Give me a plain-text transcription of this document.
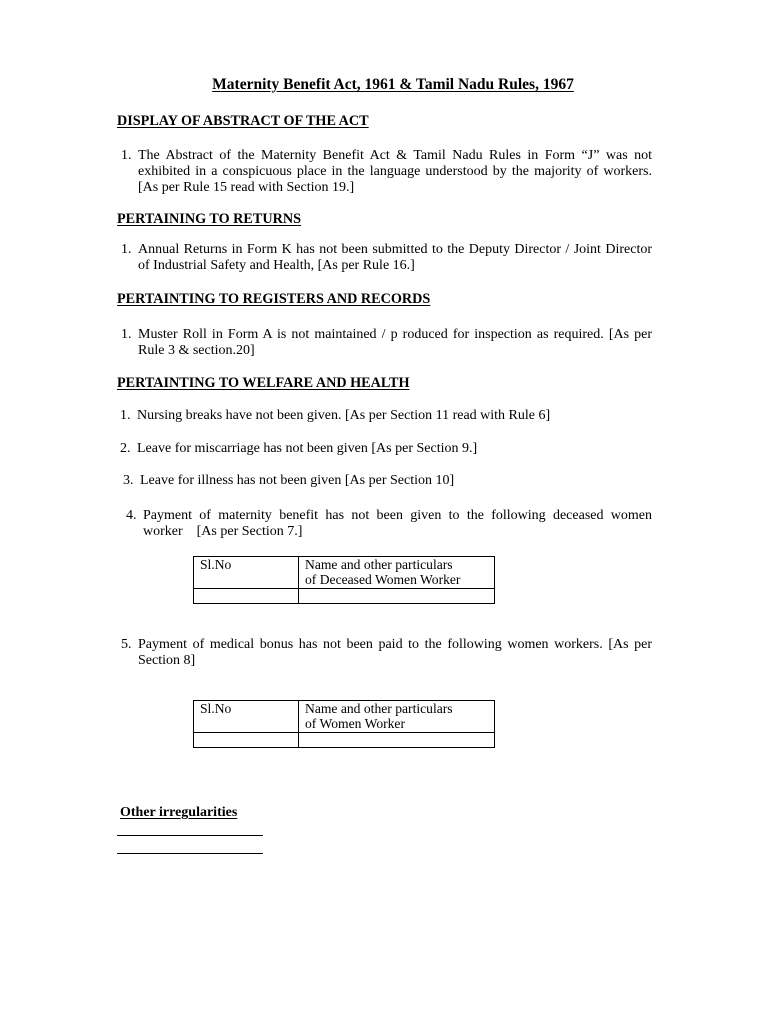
Maternity Benefit Act, 1961 & Tamil Nadu Rules, 1967
DISPLAY OF ABSTRACT OF THE ACT
1. The Abstract of the Maternity Benefit Act & Tamil Nadu Rules in Form “J” was not exhibited in a conspicuous place in the language understood by the majority of workers. [As per Rule 15 read with Section 19.]
PERTAINING TO RETURNS
1. Annual Returns in Form K has not been submitted to the Deputy Director / Joint Director of Industrial Safety and Health, [As per Rule 16.]
PERTAINTING TO REGISTERS AND RECORDS
1. Muster Roll in Form A is not maintained / p roduced for inspection as required. [As per Rule 3 & section.20]
PERTAINTING TO WELFARE AND HEALTH
1. Nursing breaks have not been given. [As per Section 11 read with Rule 6]
2. Leave for miscarriage has not been given [As per Section 9.]
3. Leave for illness has not been given [As per Section 10]
4. Payment of maternity benefit has not been given to the following deceased women worker    [As per Section 7.]
Sl.No	Name and other particulars
of Deceased Women Worker

5. Payment of medical bonus has not been paid to the following women workers. [As per Section 8]
Sl.No	Name and other particulars
of Women Worker

Other irregularities
